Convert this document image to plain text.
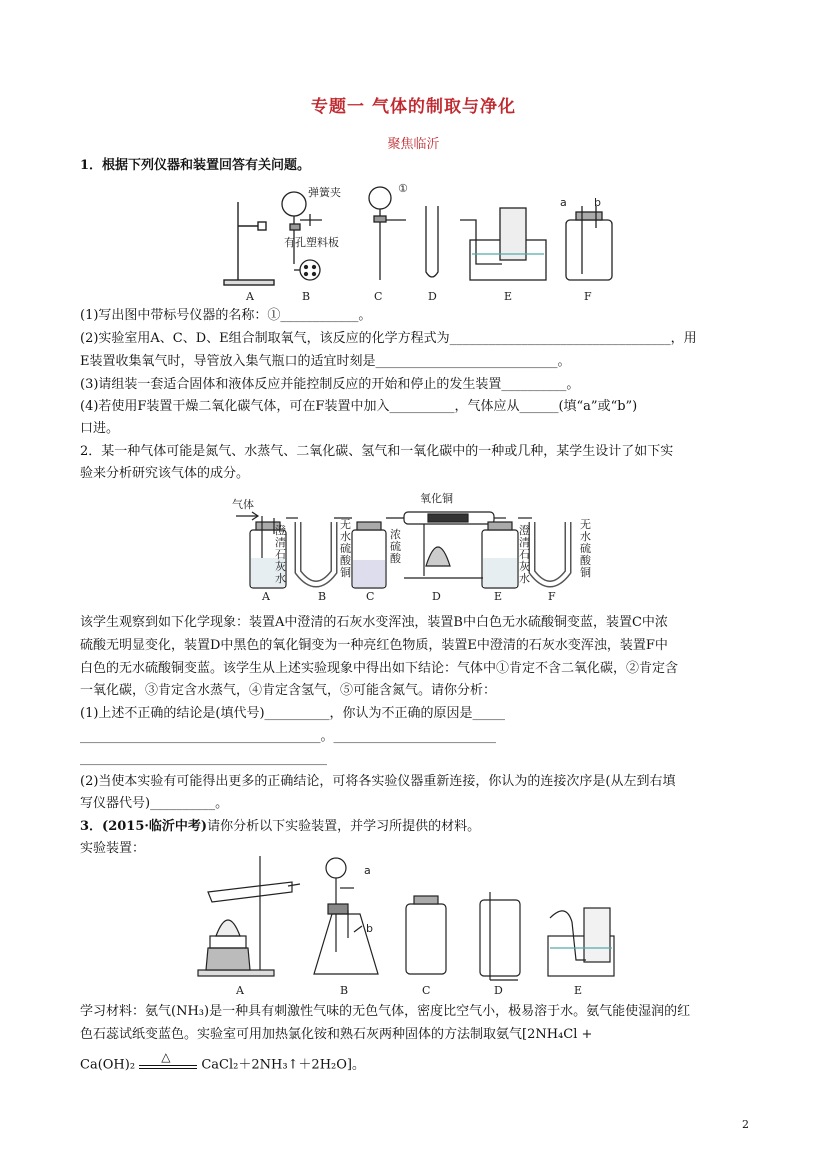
专题一 气体的制取与净化
聚焦临沂
1．根据下列仪器和装置回答有关问题。
弹簧夹
有孔塑料板
①
a b
A	B	C	D	E	F
(1)写出图中带标号仪器的名称：①____________。
(2)实验室用A、C、D、E组合制取氧气，该反应的化学方程式为__________________________________，用
E装置收集氧气时，导管放入集气瓶口的适宜时刻是____________________________。
(3)请组装一套适合固体和液体反应并能控制反应的开始和停止的发生装置__________。
(4)若使用F装置干燥二氧化碳气体，可在F装置中加入__________，气体应从______(填“a”或“b”)
口进。
2．某一种气体可能是氮气、水蒸气、二氧化碳、氢气和一氧化碳中的一种或几种，某学生设计了如下实
验来分析研究该气体的成分。
气体	氧化铜
澄
清
石
灰
水
无
水
硫
酸
铜
浓
硫
酸
澄
清
石
灰
水
无
水
硫
酸
铜
A	B	C	D	E	F
该学生观察到如下化学现象：装置A中澄清的石灰水变浑浊，装置B中白色无水硫酸铜变蓝，装置C中浓
硫酸无明显变化，装置D中黑色的氧化铜变为一种亮红色物质，装置E中澄清的石灰水变浑浊，装置F中
白色的无水硫酸铜变蓝。该学生从上述实验现象中得出如下结论：气体中①肯定不含二氧化碳，②肯定含
一氧化碳，③肯定含水蒸气，④肯定含氢气，⑤可能含氮气。请你分析：
(1)上述不正确的结论是(填代号)__________，你认为不正确的原因是_____
_____________________________________。_________________________
______________________________________
(2)当使本实验有可能得出更多的正确结论，可将各实验仪器重新连接，你认为的连接次序是(从左到右填
写仪器代号)__________。
3．(2015·临沂中考)请你分析以下实验装置，并学习所提供的材料。
实验装置：
a
b
A	B	C	D	E
学习材料：氨气(NH₃)是一种具有刺激性气味的无色气体，密度比空气小，极易溶于水。氨气能使湿润的红
色石蕊试纸变蓝色。实验室可用加热氯化铵和熟石灰两种固体的方法制取氨气[2NH₄Cl +
Ca(OH)₂
△
CaCl₂＋2NH₃↑＋2H₂O]。
2
